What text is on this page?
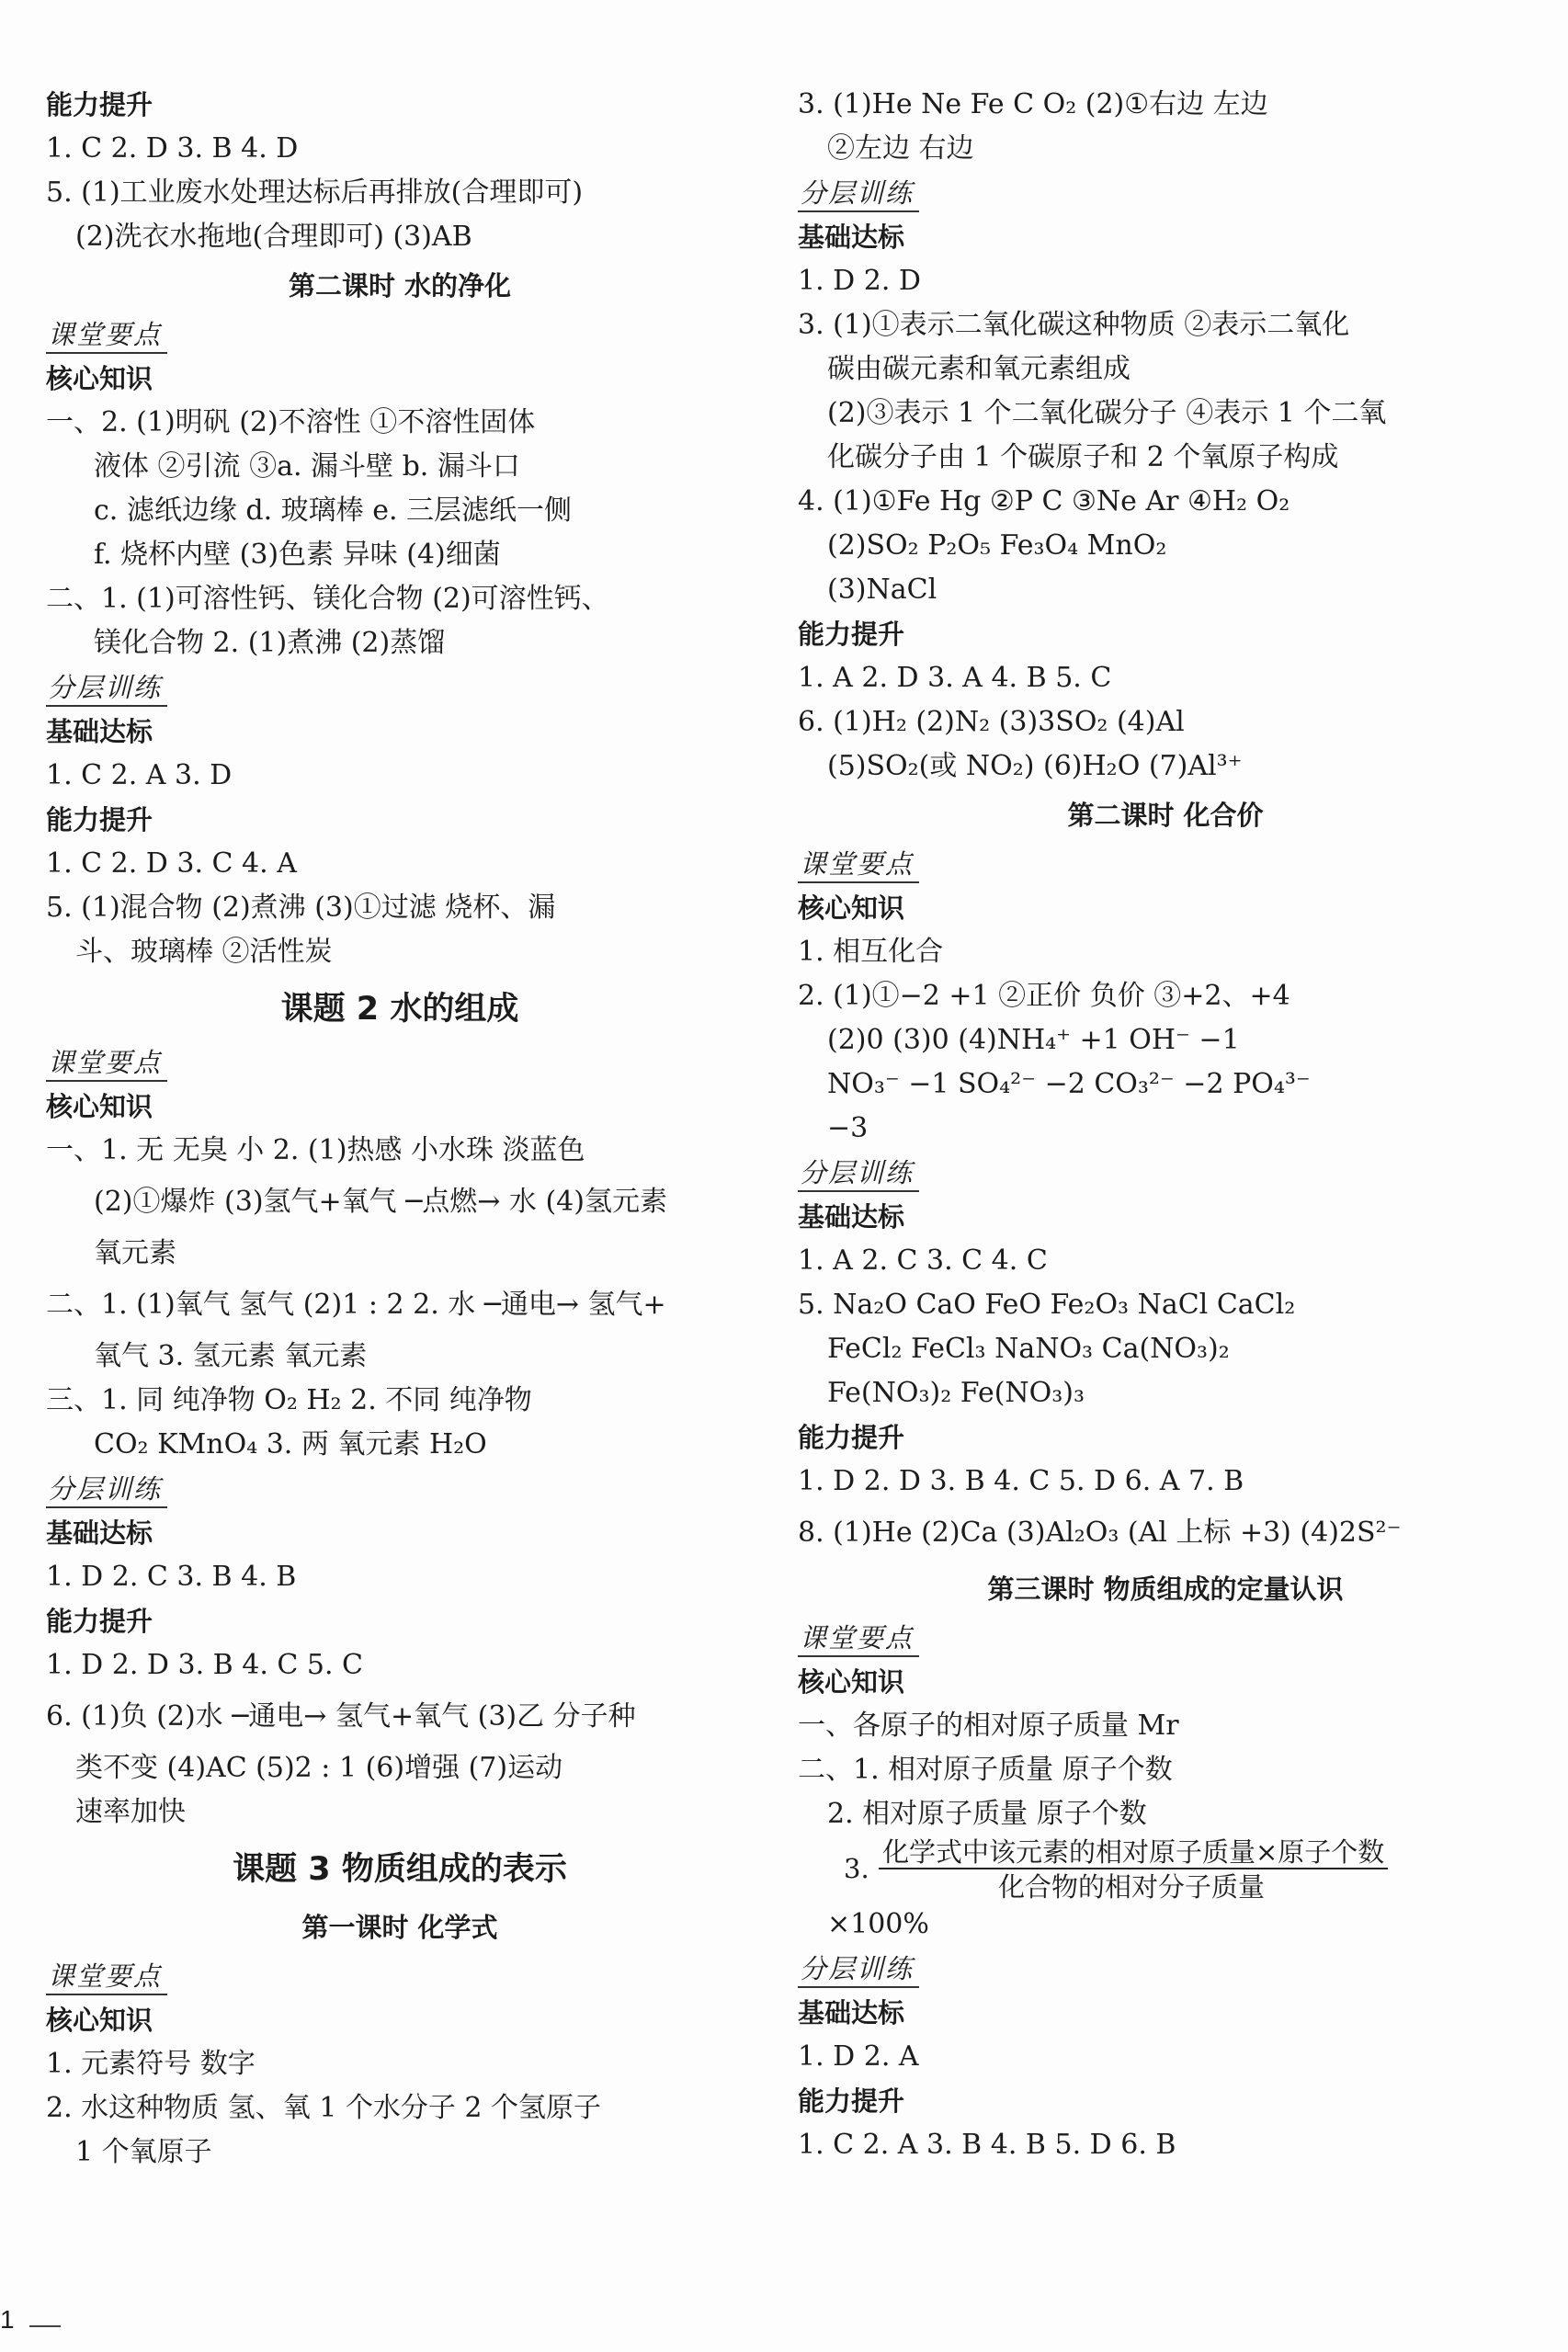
能力提升
1. C 2. D 3. B 4. D
5. (1)工业废水处理达标后再排放(合理即可)
(2)洗衣水拖地(合理即可) (3)AB
第二课时 水的净化
课堂要点
核心知识
一、2. (1)明矾 (2)不溶性 ①不溶性固体
液体 ②引流 ③a. 漏斗壁 b. 漏斗口
c. 滤纸边缘 d. 玻璃棒 e. 三层滤纸一侧
f. 烧杯内壁 (3)色素 异味 (4)细菌
二、1. (1)可溶性钙、镁化合物 (2)可溶性钙、
镁化合物 2. (1)煮沸 (2)蒸馏
分层训练
基础达标
1. C 2. A 3. D
能力提升
1. C 2. D 3. C 4. A
5. (1)混合物 (2)煮沸 (3)①过滤 烧杯、漏
斗、玻璃棒 ②活性炭
课题 2 水的组成
课堂要点
核心知识
一、1. 无 无臭 小 2. (1)热感 小水珠 淡蓝色
(2)①爆炸 (3)氢气+氧气 ─点燃→ 水 (4)氢元素
氧元素
二、1. (1)氧气 氢气 (2)1 : 2 2. 水 ─通电→ 氢气+
氧气 3. 氢元素 氧元素
三、1. 同 纯净物 O₂ H₂ 2. 不同 纯净物
CO₂ KMnO₄ 3. 两 氧元素 H₂O
分层训练
基础达标
1. D 2. C 3. B 4. B
能力提升
1. D 2. D 3. B 4. C 5. C
6. (1)负 (2)水 ─通电→ 氢气+氧气 (3)乙 分子种
类不变 (4)AC (5)2 : 1 (6)增强 (7)运动
速率加快
课题 3 物质组成的表示
第一课时 化学式
课堂要点
核心知识
1. 元素符号 数字
2. 水这种物质 氢、氧 1 个水分子 2 个氢原子
1 个氧原子
3. (1)He Ne Fe C O₂ (2)①右边 左边
②左边 右边
分层训练
基础达标
1. D 2. D
3. (1)①表示二氧化碳这种物质 ②表示二氧化
碳由碳元素和氧元素组成
(2)③表示 1 个二氧化碳分子 ④表示 1 个二氧
化碳分子由 1 个碳原子和 2 个氧原子构成
4. (1)①Fe Hg ②P C ③Ne Ar ④H₂ O₂
(2)SO₂ P₂O₅ Fe₃O₄ MnO₂
(3)NaCl
能力提升
1. A 2. D 3. A 4. B 5. C
6. (1)H₂ (2)N₂ (3)3SO₂ (4)Al
(5)SO₂(或 NO₂) (6)H₂O (7)Al³⁺
第二课时 化合价
课堂要点
核心知识
1. 相互化合
2. (1)①−2 +1 ②正价 负价 ③+2、+4
(2)0 (3)0 (4)NH₄⁺ +1 OH⁻ −1
NO₃⁻ −1 SO₄²⁻ −2 CO₃²⁻ −2 PO₄³⁻
−3
分层训练
基础达标
1. A 2. C 3. C 4. C
5. Na₂O CaO FeO Fe₂O₃ NaCl CaCl₂
FeCl₂ FeCl₃ NaNO₃ Ca(NO₃)₂
Fe(NO₃)₂ Fe(NO₃)₃
能力提升
1. D 2. D 3. B 4. C 5. D 6. A 7. B
8. (1)He (2)Ca (3)Al₂O₃ (Al 上标 +3) (4)2S²⁻
第三课时 物质组成的定量认识
课堂要点
核心知识
一、各原子的相对原子质量 Mr
二、1. 相对原子质量 原子个数
2. 相对原子质量 原子个数
3.
化学式中该元素的相对原子质量×原子个数
化合物的相对分子质量
×100%
分层训练
基础达标
1. D 2. A
能力提升
1. C 2. A 3. B 4. B 5. D 6. B
1
